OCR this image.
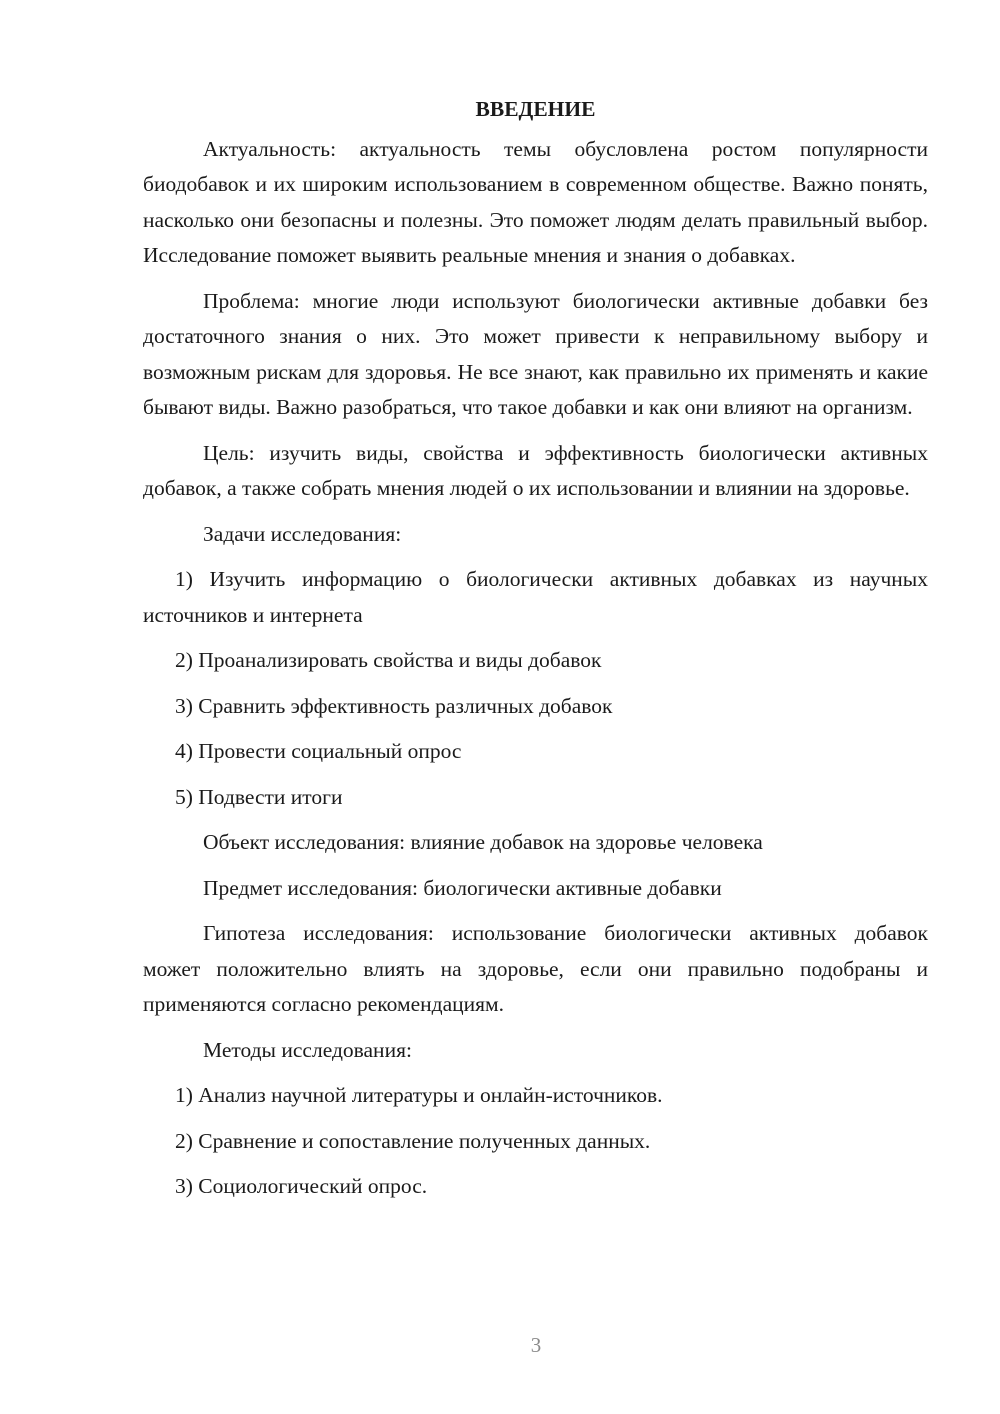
ВВЕДЕНИЕ

Актуальность: актуальность темы обусловлена ростом популярности биодобавок и их широким использованием в современном обществе. Важно понять, насколько они безопасны и полезны. Это поможет людям делать правильный выбор. Исследование поможет выявить реальные мнения и знания о добавках.

Проблема: многие люди используют биологически активные добавки без достаточного знания о них. Это может привести к неправильному выбору и возможным рискам для здоровья. Не все знают, как правильно их применять и какие бывают виды. Важно разобраться, что такое добавки и как они влияют на организм.

Цель: изучить виды, свойства и эффективность биологически активных добавок, а также собрать мнения людей о их использовании и влиянии на здоровье.

Задачи исследования:

1) Изучить информацию о биологически активных добавках из научных источников и интернета

2) Проанализировать свойства и виды добавок

3) Сравнить эффективность различных добавок

4) Провести социальный опрос

5) Подвести итоги

Объект исследования: влияние добавок на здоровье человека

Предмет исследования: биологически активные добавки

Гипотеза исследования: использование биологически активных добавок может положительно влиять на здоровье, если они правильно подобраны и применяются согласно рекомендациям.

Методы исследования:

1) Анализ научной литературы и онлайн-источников.

2) Сравнение и сопоставление полученных данных.

3) Социологический опрос.

3
